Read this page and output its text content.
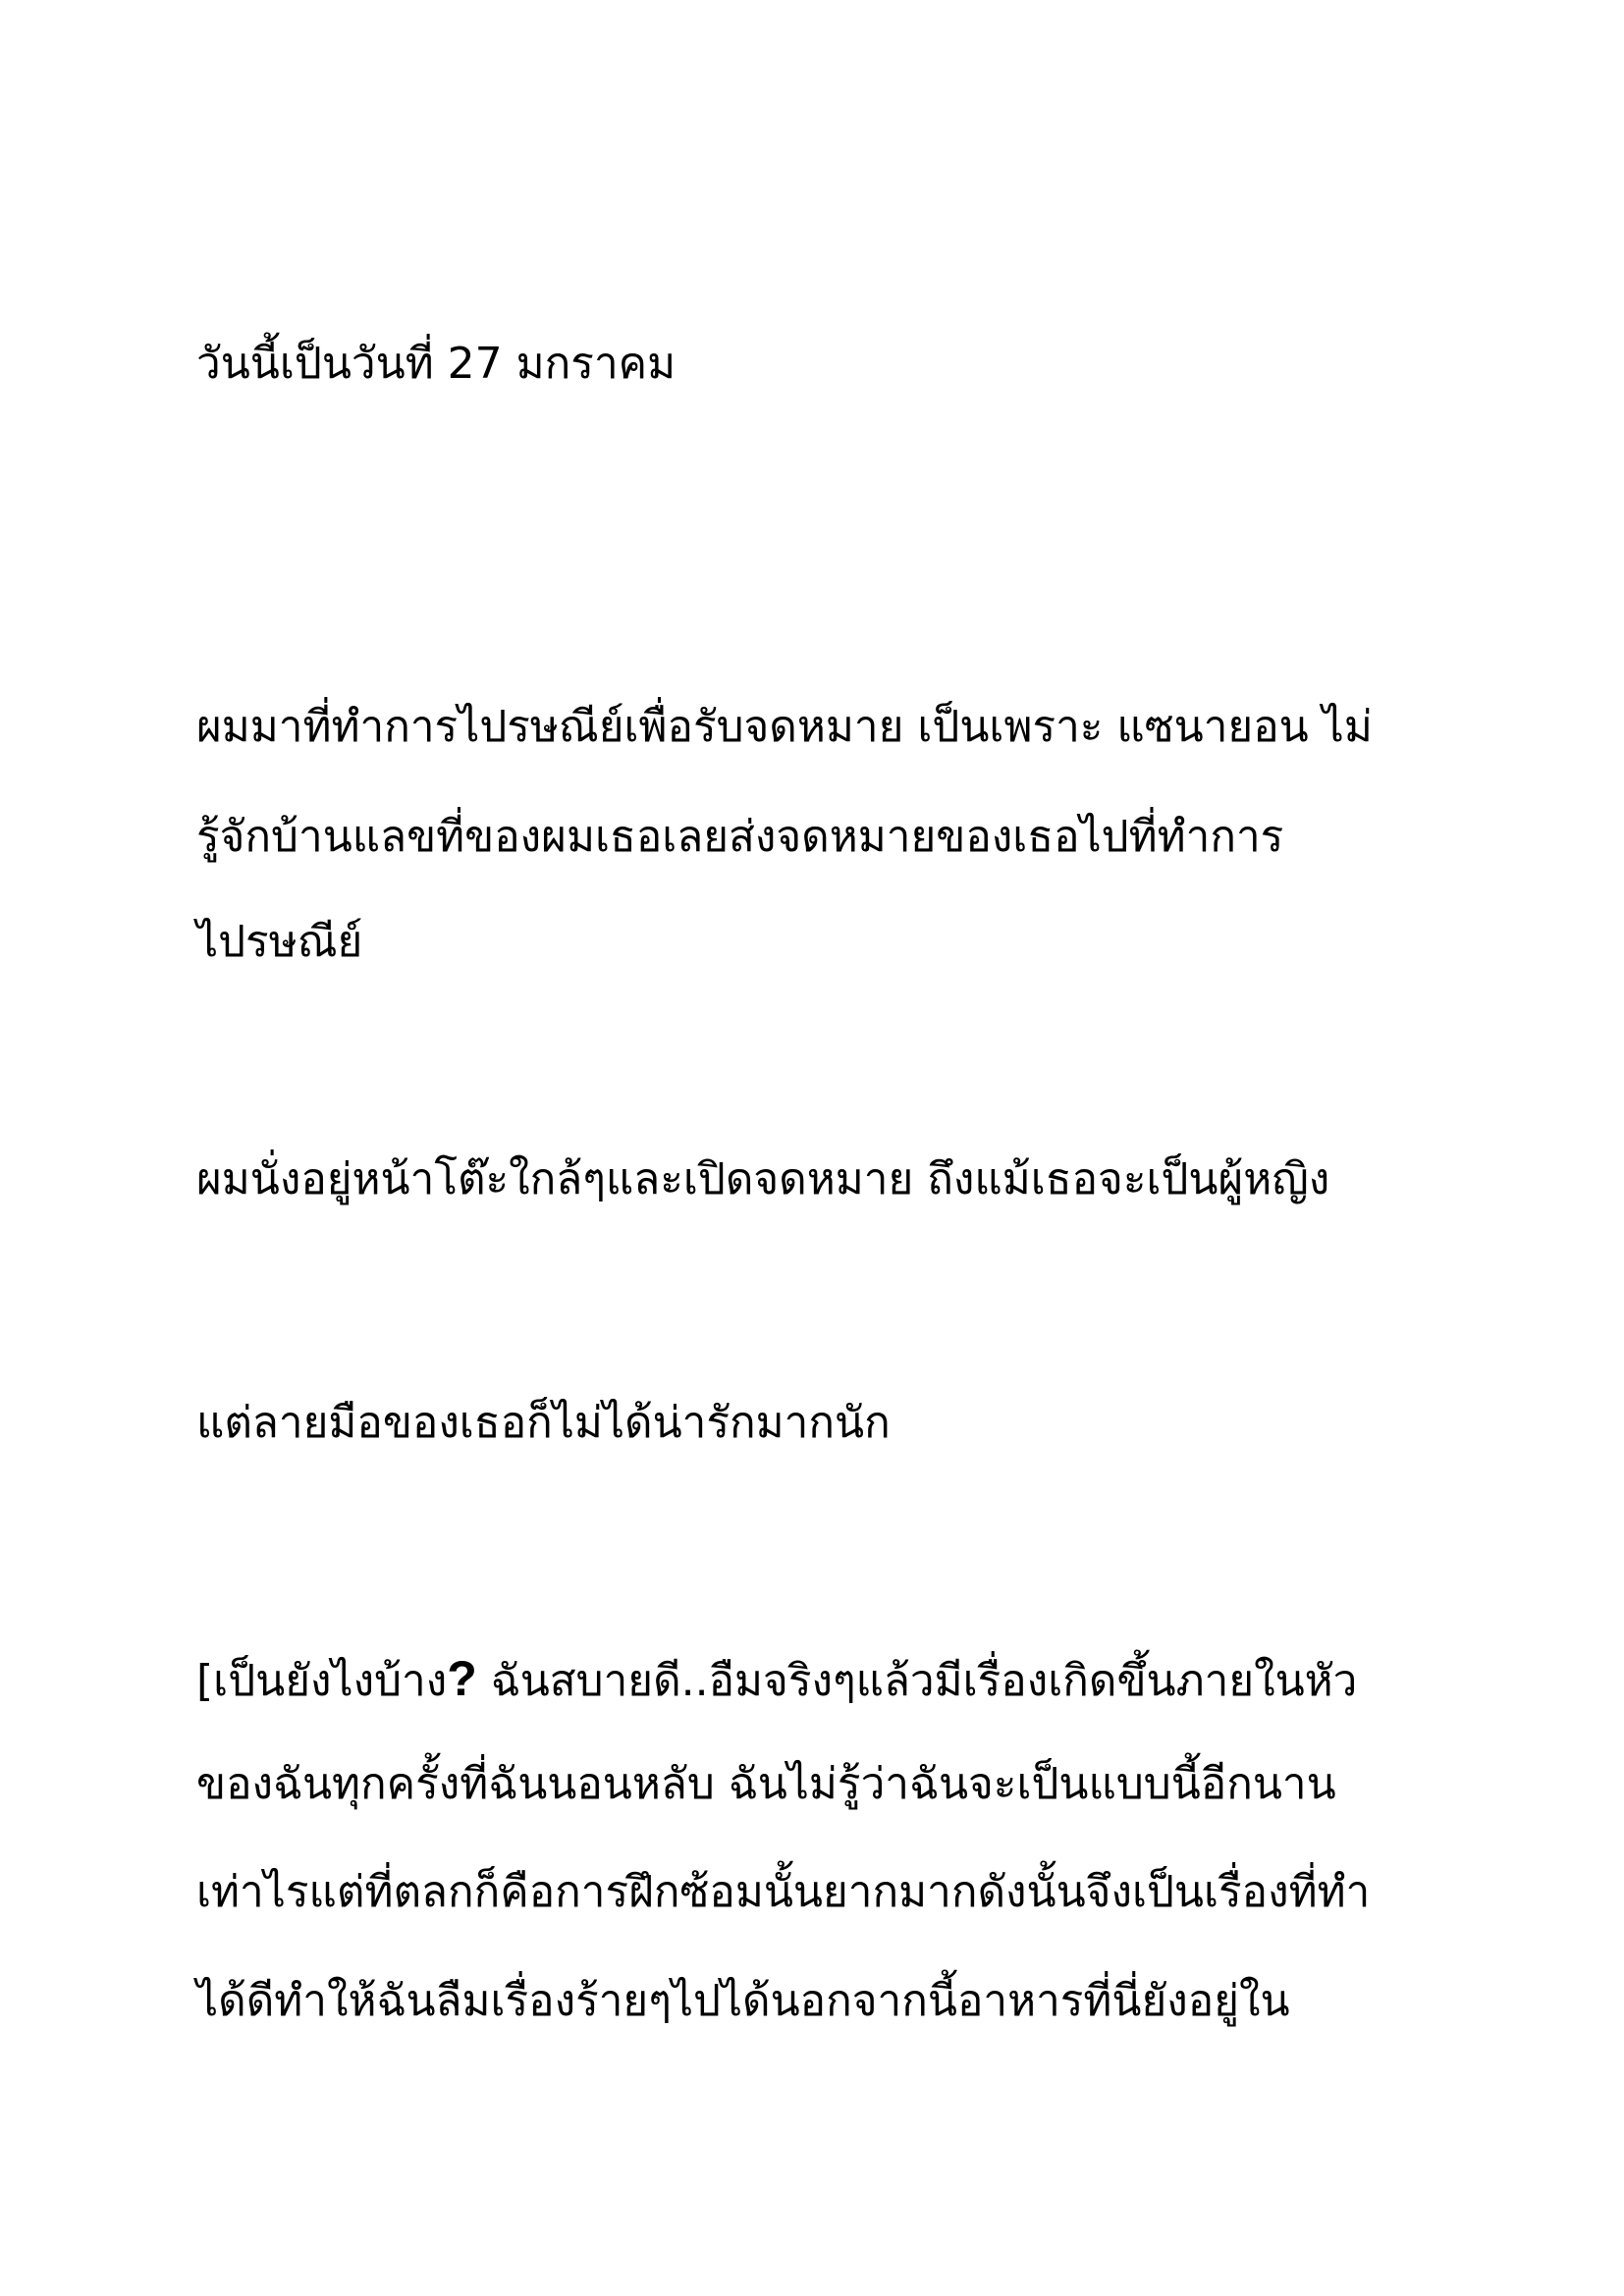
วันนี้เป็นวันที่ 27 มกราคม
ผมมาที่ทำการไปรษณีย์เพื่อรับจดหมาย เป็นเพราะ แซนายอน ไม่
รู้จักบ้านแลขที่ของผมเธอเลยส่งจดหมายของเธอไปที่ทำการ
ไปรษณีย์
ผมนั่งอยู่หน้าโต๊ะใกล้ๆและเปิดจดหมาย ถึงแม้เธอจะเป็นผู้หญิง
แต่ลายมือของเธอก็ไม่ได้น่ารักมากนัก
[เป็นยังไงบ้าง? ฉันสบายดี..อืมจริงๆแล้วมีเรื่องเกิดขึ้นภายในหัว
ของฉันทุกครั้งที่ฉันนอนหลับ ฉันไม่รู้ว่าฉันจะเป็นแบบนี้อีกนาน
เท่าไรแต่ที่ตลกก็คือการฝึกซ้อมนั้นยากมากดังนั้นจึงเป็นเรื่องที่ทำ
ได้ดีทำให้ฉันลืมเรื่องร้ายๆไปได้นอกจากนี้อาหารที่นี่ยังอยู่ใน
